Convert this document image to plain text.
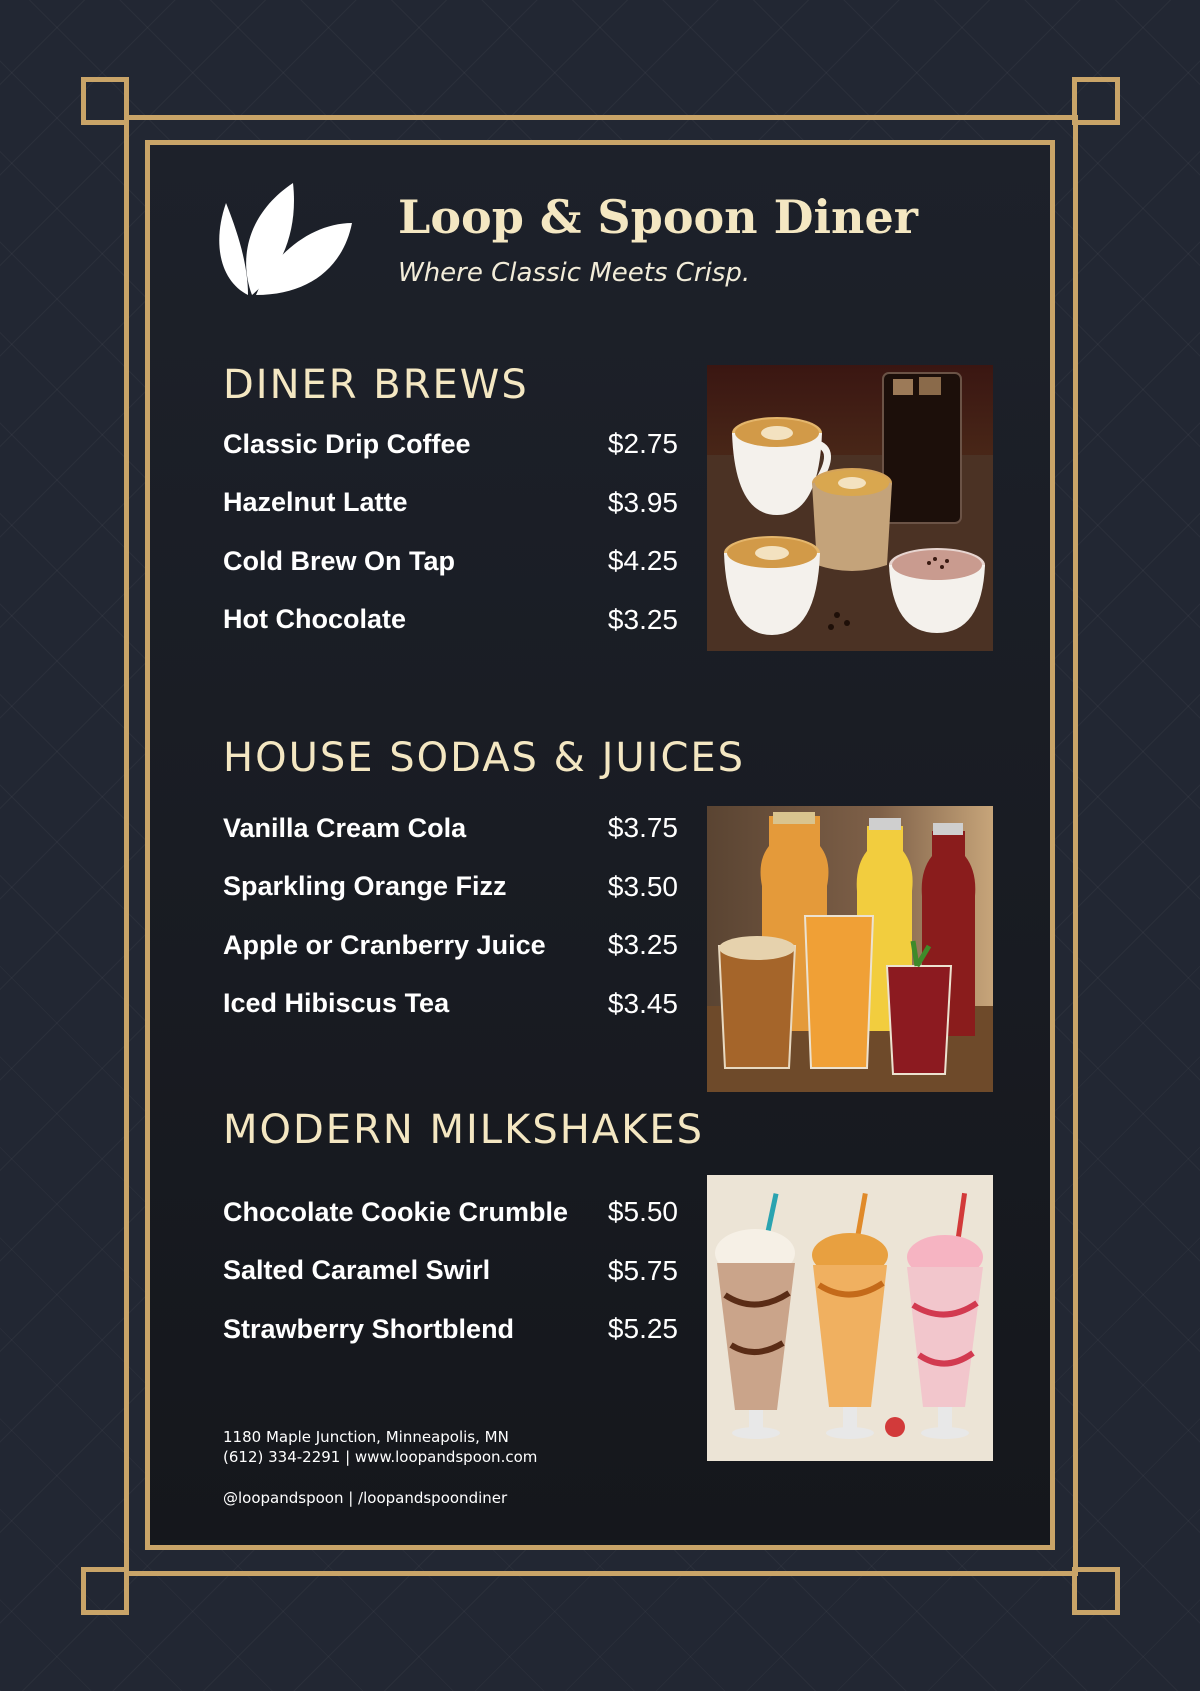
Loop & Spoon Diner
Where Classic Meets Crisp.
DINER BREWS
Classic Drip Coffee	$2.75
Hazelnut Latte	$3.95
Cold Brew On Tap	$4.25
Hot Chocolate	$3.25
HOUSE SODAS & JUICES
Vanilla Cream Cola	$3.75
Sparkling Orange Fizz	$3.50
Apple or Cranberry Juice $3.25
Iced Hibiscus Tea	$3.45
MODERN MILKSHAKES
Chocolate Cookie Crumble $5.50
Salted Caramel Swirl	$5.75
Strawberry Shortblend	$5.25
1180 Maple Junction, Minneapolis, MN
(612) 334-2291 | www.loopandspoon.com
@loopandspoon | /loopandspoondiner
